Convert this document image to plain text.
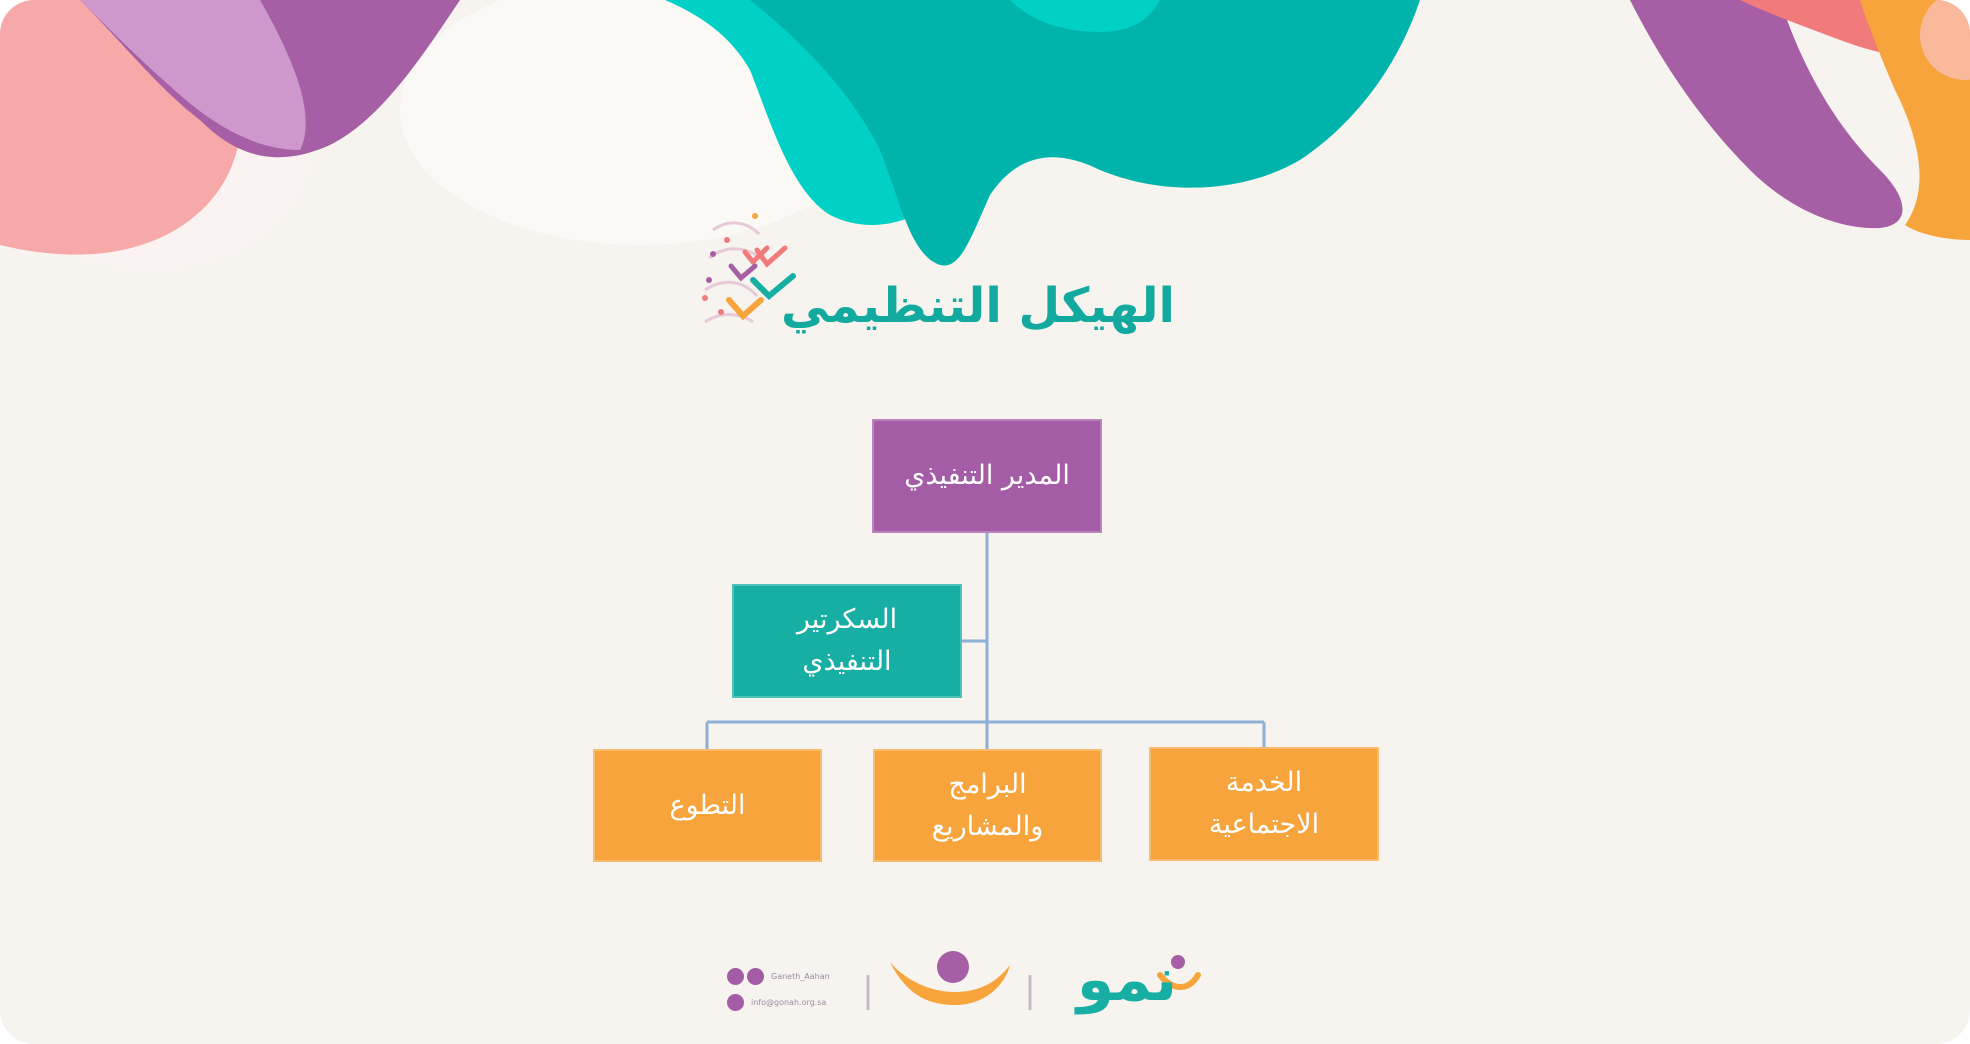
الهيكل التنظيمي
المدير التنفيذي
السكرتير
التنفيذي
التطوع
البرامج
والمشاريع
الخدمة
الاجتماعية
Ganeth_Aahan
info@gonah.org.sa	نمو
